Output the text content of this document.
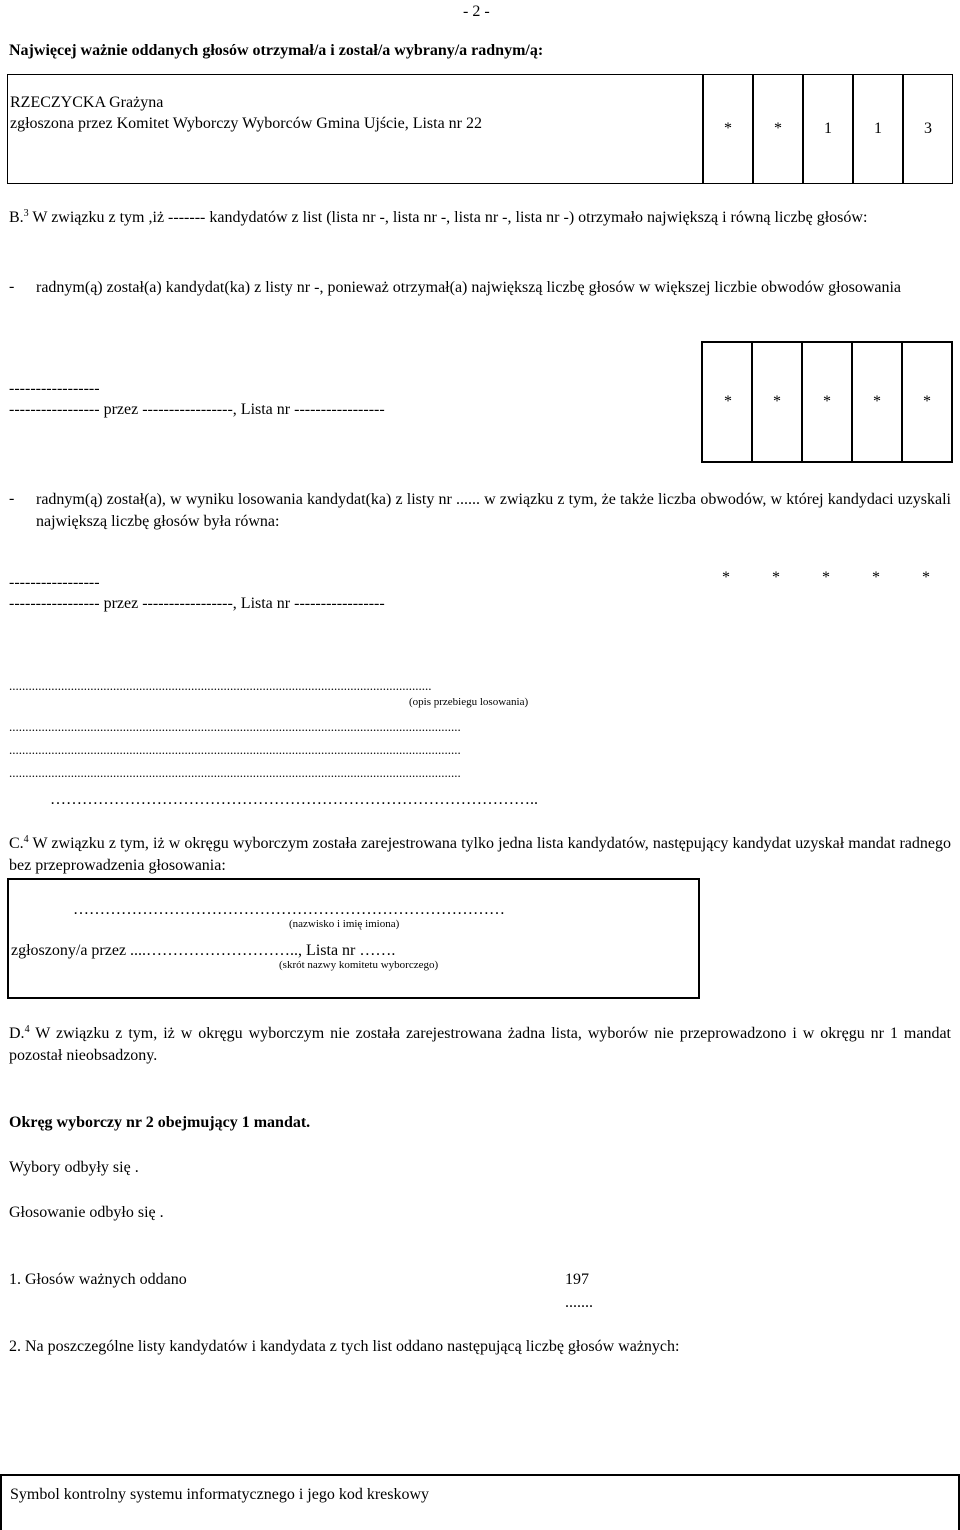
- 2 -
Najwięcej ważnie oddanych głosów otrzymał/a i został/a wybrany/a radnym/ą:
RZECZYCKA Grażyna
zgłoszona przez Komitet Wyborczy Wyborców Gmina Ujście, Lista nr 22	*	*	1	1	3
B.$^3$ W związku z tym ,iż ------- kandydatów z list (lista nr -, lista nr -, lista nr -, lista nr -) otrzymało największą i równą liczbę głosów:
- radnym(ą) został(a) kandydat(ka) z listy nr -, ponieważ otrzymał(a) największą liczbę głosów w większej liczbie obwodów głosowania
-----------------
----------------- przez -----------------, Lista nr -----------------	*	*	*	*	*
- radnym(ą) został(a), w wyniku losowania kandydat(ka) z listy nr ...... w związku z tym, że także liczba obwodów, w której kandydaci uzyskali największą liczbę głosów była równa:
-----------------
----------------- przez -----------------, Lista nr -----------------
*	*	*	*	*
..................................................................................................................................
(opis przebiegu losowania)
...........................................................................................................................................
...........................................................................................................................................
...........................................................................................................................................
………………………………………………………………………………..
C.$^4$ W związku z tym, iż w okręgu wyborczym została zarejestrowana tylko jedna lista kandydatów, następujący kandydat uzyskał mandat radnego bez przeprowadzenia głosowania:
………………………………………………………………………
(nazwisko i imię imiona)
zgłoszony/a przez ....……………………….., Lista nr …….
(skrót nazwy komitetu wyborczego)
D.$^4$ W związku z tym, iż w okręgu wyborczym nie została zarejestrowana żadna lista, wyborów nie przeprowadzono i w okręgu nr 1 mandat pozostał nieobsadzony.
Okręg wyborczy nr 2 obejmujący 1 mandat.
Wybory odbyły się .
Głosowanie odbyło się .
1. Głosów ważnych oddano	197
.......
2. Na poszczególne listy kandydatów i kandydata z tych list oddano następującą liczbę głosów ważnych:
Symbol kontrolny systemu informatycznego i jego kod kreskowy
